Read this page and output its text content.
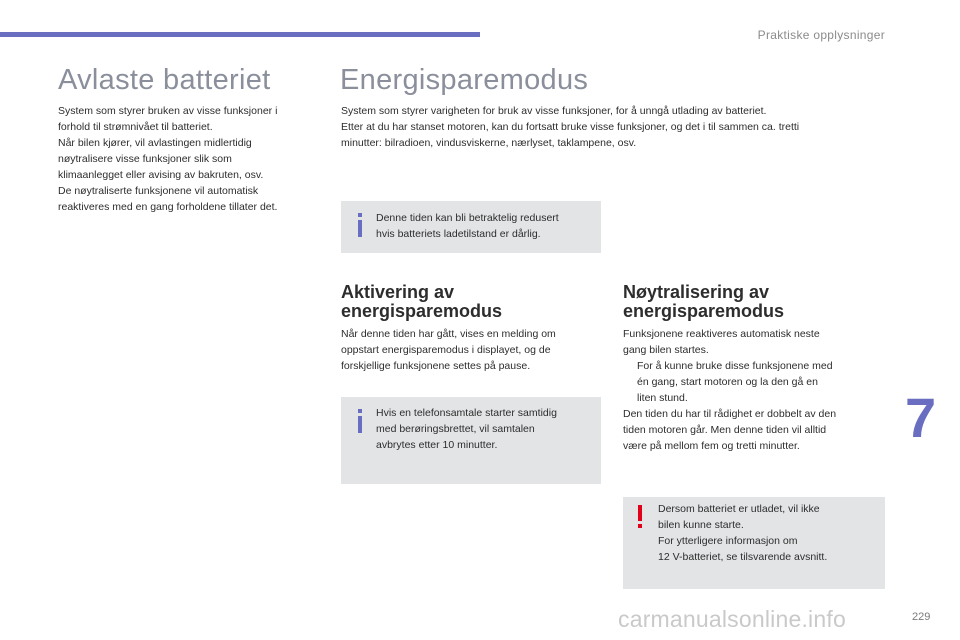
Praktiske opplysninger
Avlaste batteriet
System som styrer bruken av visse funksjoner i
forhold til strømnivået til batteriet.
Når bilen kjører, vil avlastingen midlertidig
nøytralisere visse funksjoner slik som
klimaanlegget eller avising av bakruten, osv.
De nøytraliserte funksjonene vil automatisk
reaktiveres med en gang forholdene tillater det.
Energisparemodus
System som styrer varigheten for bruk av visse funksjoner, for å unngå utlading av batteriet.
Etter at du har stanset motoren, kan du fortsatt bruke visse funksjoner, og det i til sammen ca. tretti
minutter: bilradioen, vindusviskerne, nærlyset, taklampene, osv.
Denne tiden kan bli betraktelig redusert
hvis batteriets ladetilstand er dårlig.
Aktivering av
energisparemodus
Når denne tiden har gått, vises en melding om
oppstart energisparemodus i displayet, og de
forskjellige funksjonene settes på pause.
Hvis en telefonsamtale starter samtidig
med berøringsbrettet, vil samtalen
avbrytes etter 10 minutter.
Nøytralisering av
energisparemodus
Funksjonene reaktiveres automatisk neste
gang bilen startes.
For å kunne bruke disse funksjonene med
én gang, start motoren og la den gå en
liten stund.
Den tiden du har til rådighet er dobbelt av den
tiden motoren går. Men denne tiden vil alltid
være på mellom fem og tretti minutter.
Dersom batteriet er utladet, vil ikke
bilen kunne starte.
For ytterligere informasjon om
12 V-batteriet, se tilsvarende avsnitt.
7
carmanualsonline.info	229
